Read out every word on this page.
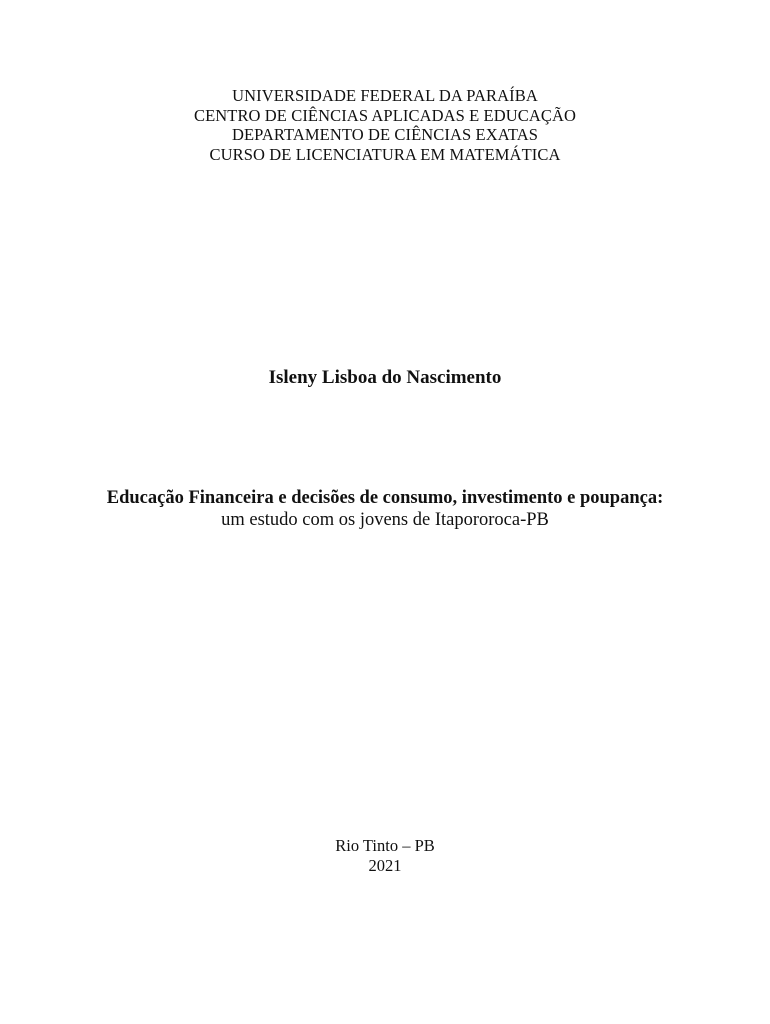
UNIVERSIDADE FEDERAL DA PARAÍBA
CENTRO DE CIÊNCIAS APLICADAS E EDUCAÇÃO
DEPARTAMENTO DE CIÊNCIAS EXATAS
CURSO DE LICENCIATURA EM MATEMÁTICA
Isleny Lisboa do Nascimento
Educação Financeira e decisões de consumo, investimento e poupança:
um estudo com os jovens de Itapororoca-PB
Rio Tinto – PB
2021
